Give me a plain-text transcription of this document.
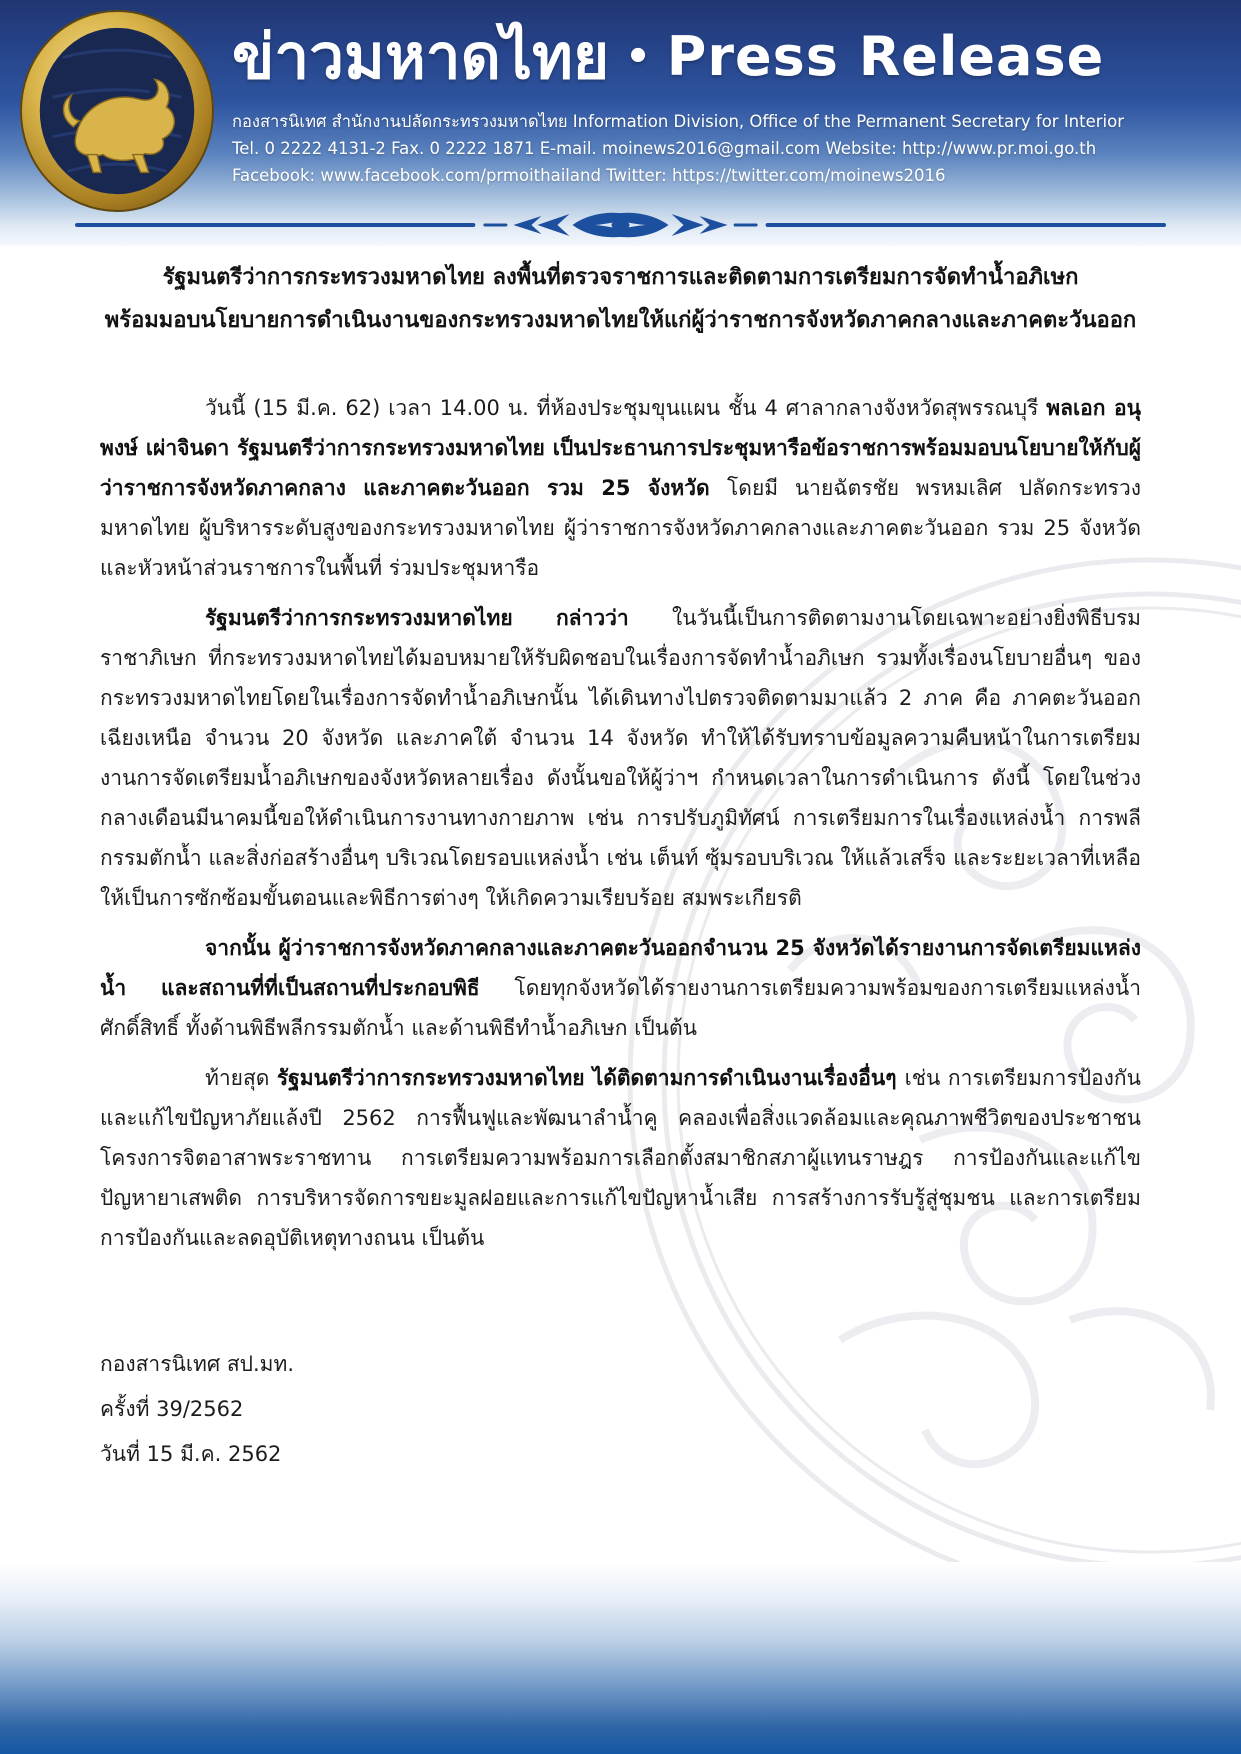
ข่าวมหาดไทย • Press Release
กองสารนิเทศ สำนักงานปลัดกระทรวงมหาดไทย Information Division, Office of the Permanent Secretary for Interior
Tel. 0 2222 4131-2 Fax. 0 2222 1871 E-mail. moinews2016@gmail.com Website: http://www.pr.moi.go.th
Facebook: www.facebook.com/prmoithailand Twitter: https://twitter.com/moinews2016
รัฐมนตรีว่าการกระทรวงมหาดไทย ลงพื้นที่ตรวจราชการและติดตามการเตรียมการจัดทำน้ำอภิเษก
พร้อมมอบนโยบายการดำเนินงานของกระทรวงมหาดไทยให้แก่ผู้ว่าราชการจังหวัดภาคกลางและภาคตะวันออก

วันนี้ (15 มี.ค. 62) เวลา 14.00 น. ที่ห้องประชุมขุนแผน ชั้น 4 ศาลากลางจังหวัดสุพรรณบุรี พลเอก อนุพงษ์ เผ่าจินดา รัฐมนตรีว่าการกระทรวงมหาดไทย เป็นประธานการประชุมหารือข้อราชการพร้อมมอบนโยบายให้กับผู้ว่าราชการจังหวัดภาคกลาง และภาคตะวันออก รวม 25 จังหวัด โดยมี นายฉัตรชัย พรหมเลิศ ปลัดกระทรวงมหาดไทย ผู้บริหารระดับสูงของกระทรวงมหาดไทย ผู้ว่าราชการจังหวัดภาคกลางและภาคตะวันออก รวม 25 จังหวัด และหัวหน้าส่วนราชการในพื้นที่ ร่วมประชุมหารือ

รัฐมนตรีว่าการกระทรวงมหาดไทย กล่าวว่า ในวันนี้เป็นการติดตามงานโดยเฉพาะอย่างยิ่งพิธีบรมราชาภิเษก ที่กระทรวงมหาดไทยได้มอบหมายให้รับผิดชอบในเรื่องการจัดทำน้ำอภิเษก รวมทั้งเรื่องนโยบายอื่นๆ ของกระทรวงมหาดไทยโดยในเรื่องการจัดทำน้ำอภิเษกนั้น ได้เดินทางไปตรวจติดตามมาแล้ว 2 ภาค คือ ภาคตะวันออกเฉียงเหนือ จำนวน 20 จังหวัด และภาคใต้ จำนวน 14 จังหวัด ทำให้ได้รับทราบข้อมูลความคืบหน้าในการเตรียมงานการจัดเตรียมน้ำอภิเษกของจังหวัดหลายเรื่อง ดังนั้นขอให้ผู้ว่าฯ กำหนดเวลาในการดำเนินการ ดังนี้ โดยในช่วงกลางเดือนมีนาคมนี้ขอให้ดำเนินการงานทางกายภาพ เช่น การปรับภูมิทัศน์ การเตรียมการในเรื่องแหล่งน้ำ การพลีกรรมตักน้ำ และสิ่งก่อสร้างอื่นๆ บริเวณโดยรอบแหล่งน้ำ เช่น เต็นท์ ซุ้มรอบบริเวณ ให้แล้วเสร็จ และระยะเวลาที่เหลือให้เป็นการซักซ้อมขั้นตอนและพิธีการต่างๆ ให้เกิดความเรียบร้อย สมพระเกียรติ

จากนั้น ผู้ว่าราชการจังหวัดภาคกลางและภาคตะวันออกจำนวน 25 จังหวัดได้รายงานการจัดเตรียมแหล่งน้ำ และสถานที่ที่เป็นสถานที่ประกอบพิธี โดยทุกจังหวัดได้รายงานการเตรียมความพร้อมของการเตรียมแหล่งน้ำศักดิ์สิทธิ์ ทั้งด้านพิธีพลีกรรมตักน้ำ และด้านพิธีทำน้ำอภิเษก เป็นต้น

ท้ายสุด รัฐมนตรีว่าการกระทรวงมหาดไทย ได้ติดตามการดำเนินงานเรื่องอื่นๆ เช่น การเตรียมการป้องกันและแก้ไขปัญหาภัยแล้งปี 2562 การฟื้นฟูและพัฒนาลำน้ำคู คลองเพื่อสิ่งแวดล้อมและคุณภาพชีวิตของประชาชน โครงการจิตอาสาพระราชทาน การเตรียมความพร้อมการเลือกตั้งสมาชิกสภาผู้แทนราษฎร การป้องกันและแก้ไขปัญหายาเสพติด การบริหารจัดการขยะมูลฝอยและการแก้ไขปัญหาน้ำเสีย การสร้างการรับรู้สู่ชุมชน และการเตรียมการป้องกันและลดอุบัติเหตุทางถนน เป็นต้น

กองสารนิเทศ สป.มท.
ครั้งที่ 39/2562
วันที่ 15 มี.ค. 2562
